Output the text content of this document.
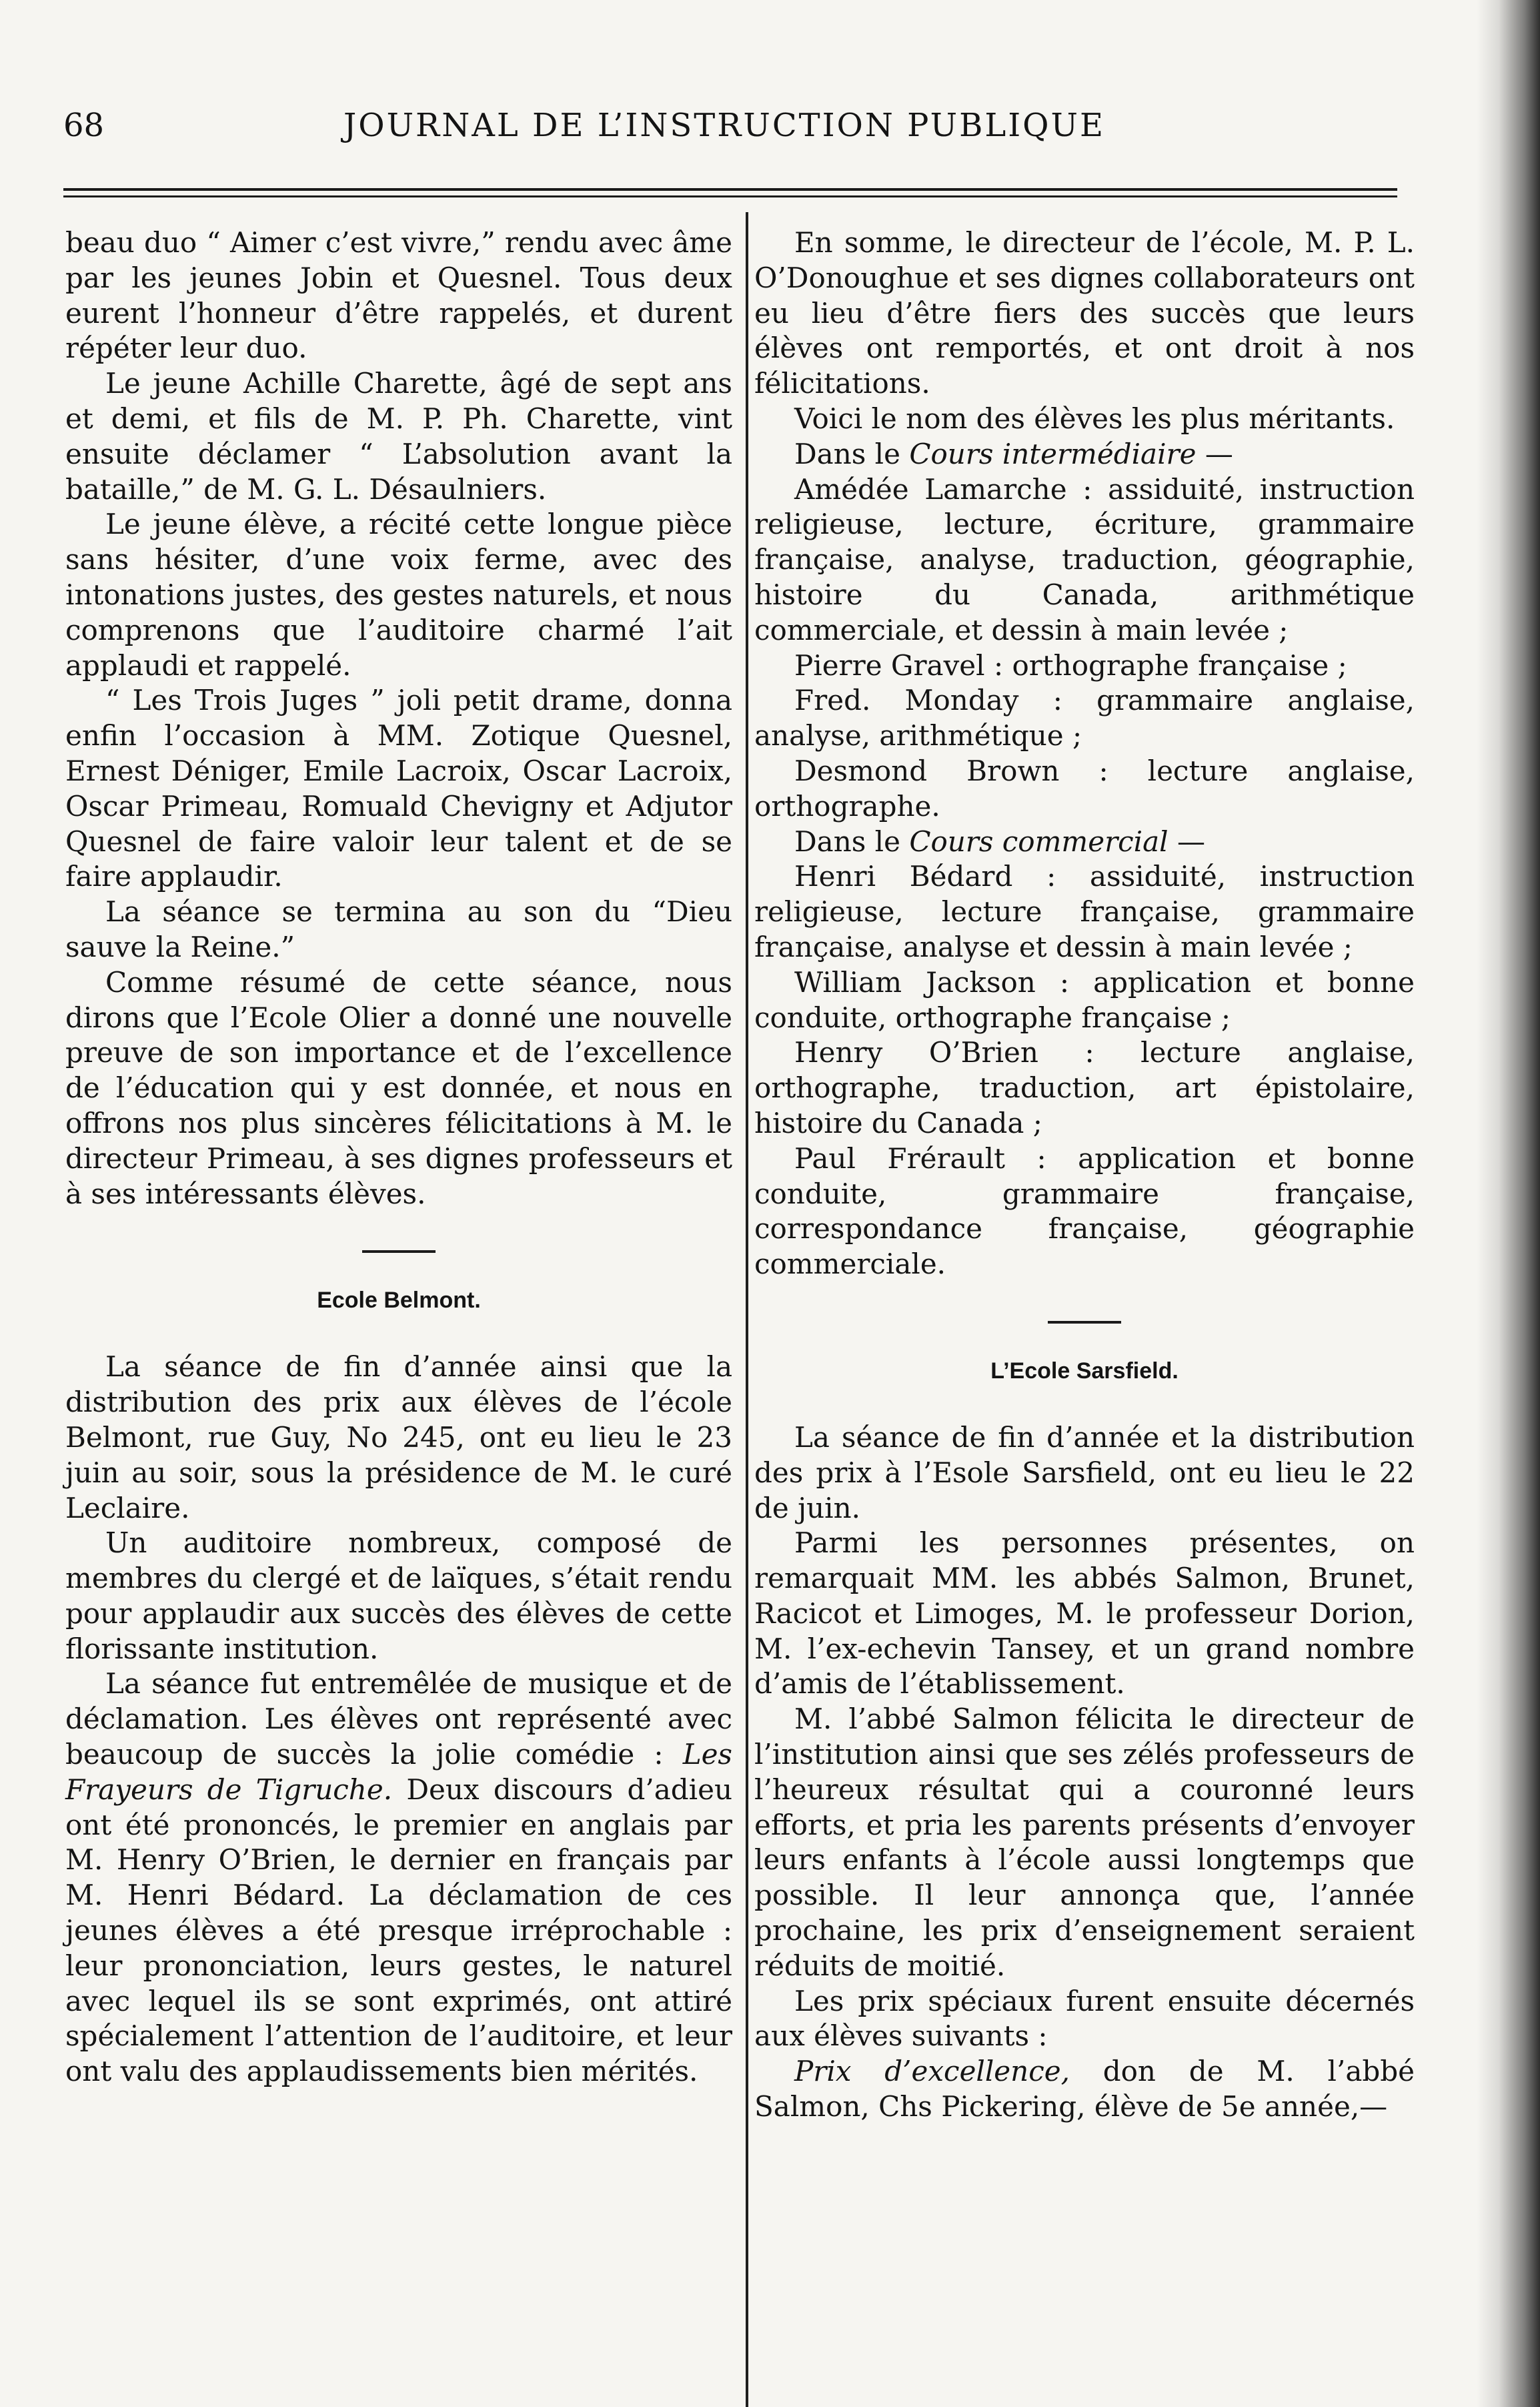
68	JOURNAL DE L’INSTRUCTION PUBLIQUE

beau duo “ Aimer c’est vivre,” rendu avec âme par les jeunes Jobin et Quesnel. Tous deux eurent l’honneur d’être rappelés, et durent répéter leur duo.

Le jeune Achille Charette, âgé de sept ans et demi, et fils de M. P. Ph. Charette, vint ensuite déclamer “ L’absolution avant la bataille,” de M. G. L. Désaulniers.

Le jeune élève, a récité cette longue pièce sans hésiter, d’une voix ferme, avec des intonations justes, des gestes naturels, et nous comprenons que l’auditoire charmé l’ait applaudi et rappelé.

“ Les Trois Juges ” joli petit drame, donna enfin l’occasion à MM. Zotique Quesnel, Ernest Déniger, Emile Lacroix, Oscar Lacroix, Oscar Primeau, Romuald Chevigny et Adjutor Quesnel de faire valoir leur talent et de se faire applaudir.

La séance se termina au son du “Dieu sauve la Reine.”

Comme résumé de cette séance, nous dirons que l’Ecole Olier a donné une nouvelle preuve de son importance et de l’excellence de l’éducation qui y est donnée, et nous en offrons nos plus sincères félicitations à M. le directeur Primeau, à ses dignes professeurs et à ses intéressants élèves.

Ecole Belmont.

La séance de fin d’année ainsi que la distribution des prix aux élèves de l’école Belmont, rue Guy, No 245, ont eu lieu le 23 juin au soir, sous la présidence de M. le curé Leclaire.

Un auditoire nombreux, composé de membres du clergé et de laïques, s’était rendu pour applaudir aux succès des élèves de cette florissante institution.

La séance fut entremêlée de musique et de déclamation. Les élèves ont représenté avec beaucoup de succès la jolie comédie : Les Frayeurs de Tigruche. Deux discours d’adieu ont été prononcés, le premier en anglais par M. Henry O’Brien, le dernier en français par M. Henri Bédard. La déclamation de ces jeunes élèves a été presque irréprochable : leur prononciation, leurs gestes, le naturel avec lequel ils se sont exprimés, ont attiré spécialement l’attention de l’auditoire, et leur ont valu des applaudissements bien mérités.

En somme, le directeur de l’école, M. P. L. O’Donoughue et ses dignes collaborateurs ont eu lieu d’être fiers des succès que leurs élèves ont remportés, et ont droit à nos félicitations.

Voici le nom des élèves les plus méritants.

Dans le Cours intermédiaire —

Amédée Lamarche : assiduité, instruction religieuse, lecture, écriture, grammaire française, analyse, traduction, géographie, histoire du Canada, arithmétique commerciale, et dessin à main levée ;

Pierre Gravel : orthographe française ;

Fred. Monday : grammaire anglaise, analyse, arithmétique ;

Desmond Brown : lecture anglaise, orthographe.

Dans le Cours commercial —

Henri Bédard : assiduité, instruction religieuse, lecture française, grammaire française, analyse et dessin à main levée ;

William Jackson : application et bonne conduite, orthographe française ;

Henry O’Brien : lecture anglaise, orthographe, traduction, art épistolaire, histoire du Canada ;

Paul Frérault : application et bonne conduite, grammaire française, correspondance française, géographie commerciale.

L’Ecole Sarsfield.

La séance de fin d’année et la distribution des prix à l’Esole Sarsfield, ont eu lieu le 22 de juin.

Parmi les personnes présentes, on remarquait MM. les abbés Salmon, Brunet, Racicot et Limoges, M. le professeur Dorion, M. l’ex-echevin Tansey, et un grand nombre d’amis de l’établissement.

M. l’abbé Salmon félicita le directeur de l’institution ainsi que ses zélés professeurs de l’heureux résultat qui a couronné leurs efforts, et pria les parents présents d’envoyer leurs enfants à l’école aussi longtemps que possible. Il leur annonça que, l’année prochaine, les prix d’enseignement seraient réduits de moitié.

Les prix spéciaux furent ensuite décernés aux élèves suivants :

Prix d’excellence, don de M. l’abbé Salmon, Chs Pickering, élève de 5e année,—
